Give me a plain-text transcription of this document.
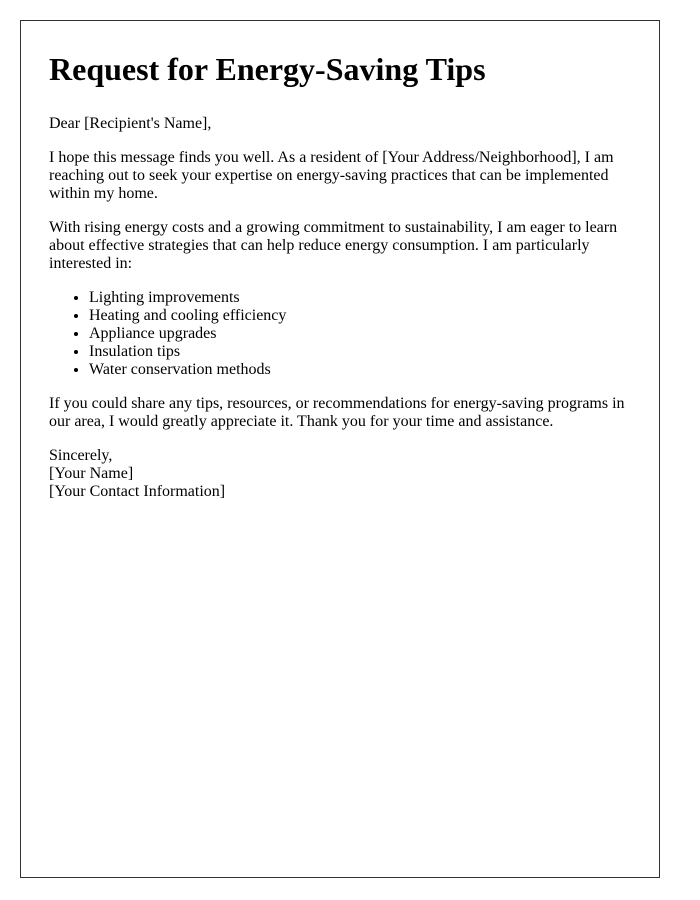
Request for Energy-Saving Tips

Dear [Recipient's Name],

I hope this message finds you well. As a resident of [Your Address/Neighborhood], I am reaching out to seek your expertise on energy-saving practices that can be implemented within my home.

With rising energy costs and a growing commitment to sustainability, I am eager to learn about effective strategies that can help reduce energy consumption. I am particularly interested in:

• Lighting improvements
• Heating and cooling efficiency
• Appliance upgrades
• Insulation tips
• Water conservation methods

If you could share any tips, resources, or recommendations for energy-saving programs in our area, I would greatly appreciate it. Thank you for your time and assistance.

Sincerely,
[Your Name]
[Your Contact Information]
